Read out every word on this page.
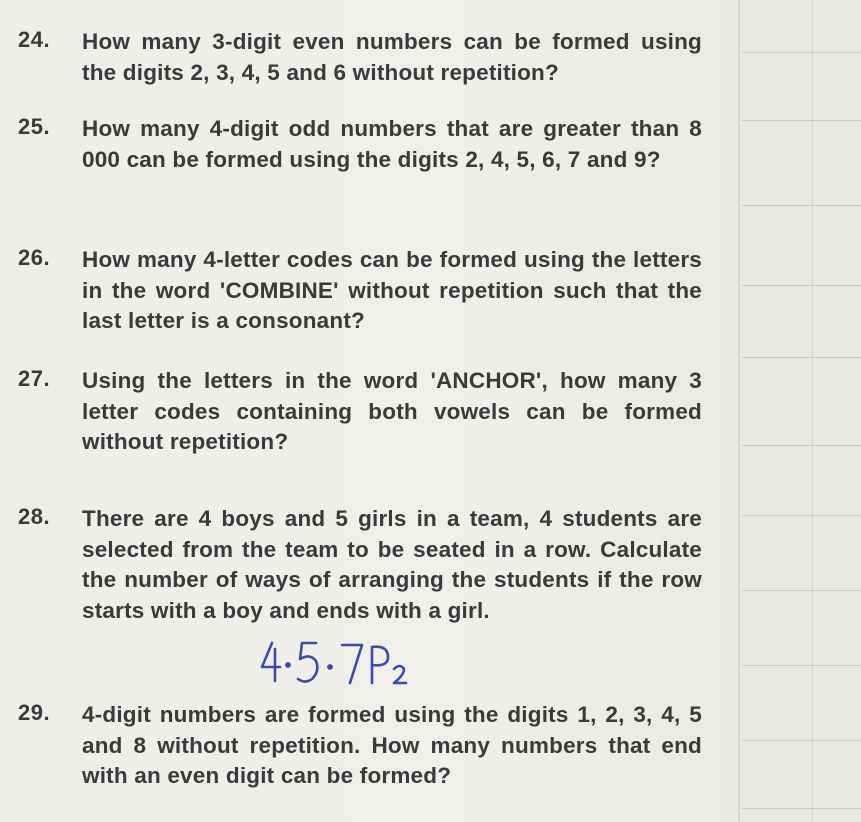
24. How many 3-digit even numbers can be formed using the digits 2, 3, 4, 5 and 6 without repetition?
25. How many 4-digit odd numbers that are greater than 8 000 can be formed using the digits 2, 4, 5, 6, 7 and 9?
26. How many 4-letter codes can be formed using the letters in the word 'COMBINE' without repetition such that the last letter is a consonant?
27. Using the letters in the word 'ANCHOR', how many 3 letter codes containing both vowels can be formed without repetition?
28. There are 4 boys and 5 girls in a team, 4 students are selected from the team to be seated in a row. Calculate the number of ways of arranging the students if the row starts with a boy and ends with a girl.
29. 4-digit numbers are formed using the digits 1, 2, 3, 4, 5 and 8 without repetition. How many numbers that end with an even digit can be formed?
